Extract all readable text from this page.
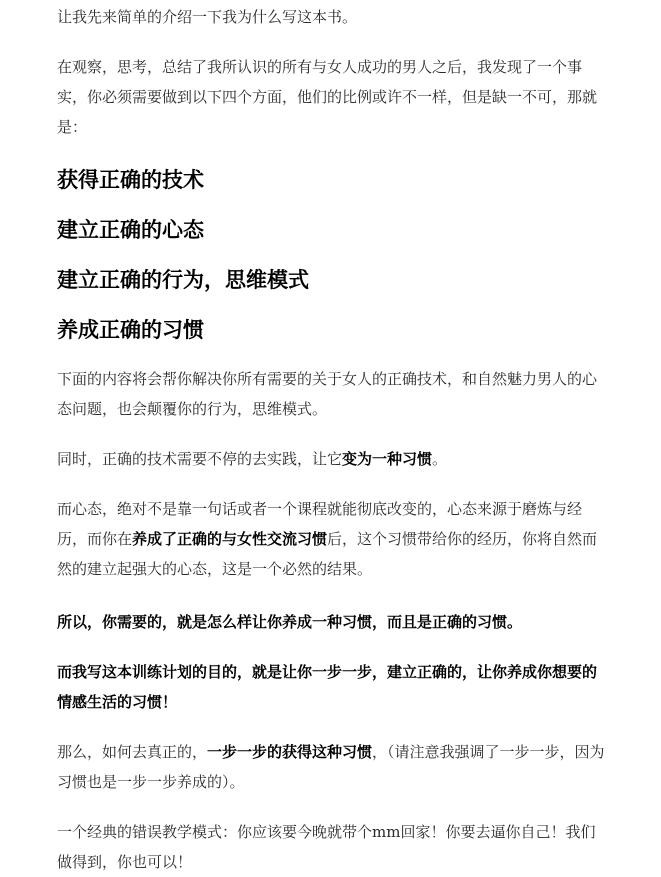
让我先来简单的介绍一下我为什么写这本书。

在观察，思考，总结了我所认识的所有与女人成功的男人之后，我发现了一个事实，你必须需要做到以下四个方面，他们的比例或许不一样，但是缺一不可，那就是：

获得正确的技术

建立正确的心态

建立正确的行为，思维模式

养成正确的习惯

下面的内容将会帮你解决你所有需要的关于女人的正确技术，和自然魅力男人的心态问题，也会颠覆你的行为，思维模式。

同时，正确的技术需要不停的去实践，让它变为一种习惯。

而心态，绝对不是靠一句话或者一个课程就能彻底改变的，心态来源于磨炼与经历，而你在养成了正确的与女性交流习惯后，这个习惯带给你的经历，你将自然而然的建立起强大的心态，这是一个必然的结果。

所以，你需要的，就是怎么样让你养成一种习惯，而且是正确的习惯。

而我写这本训练计划的目的，就是让你一步一步，建立正确的，让你养成你想要的情感生活的习惯！

那么，如何去真正的，一步一步的获得这种习惯，（请注意我强调了一步一步，因为习惯也是一步一步养成的）。

一个经典的错误教学模式：你应该要今晚就带个mm回家！你要去逼你自己！我们做得到，你也可以！
